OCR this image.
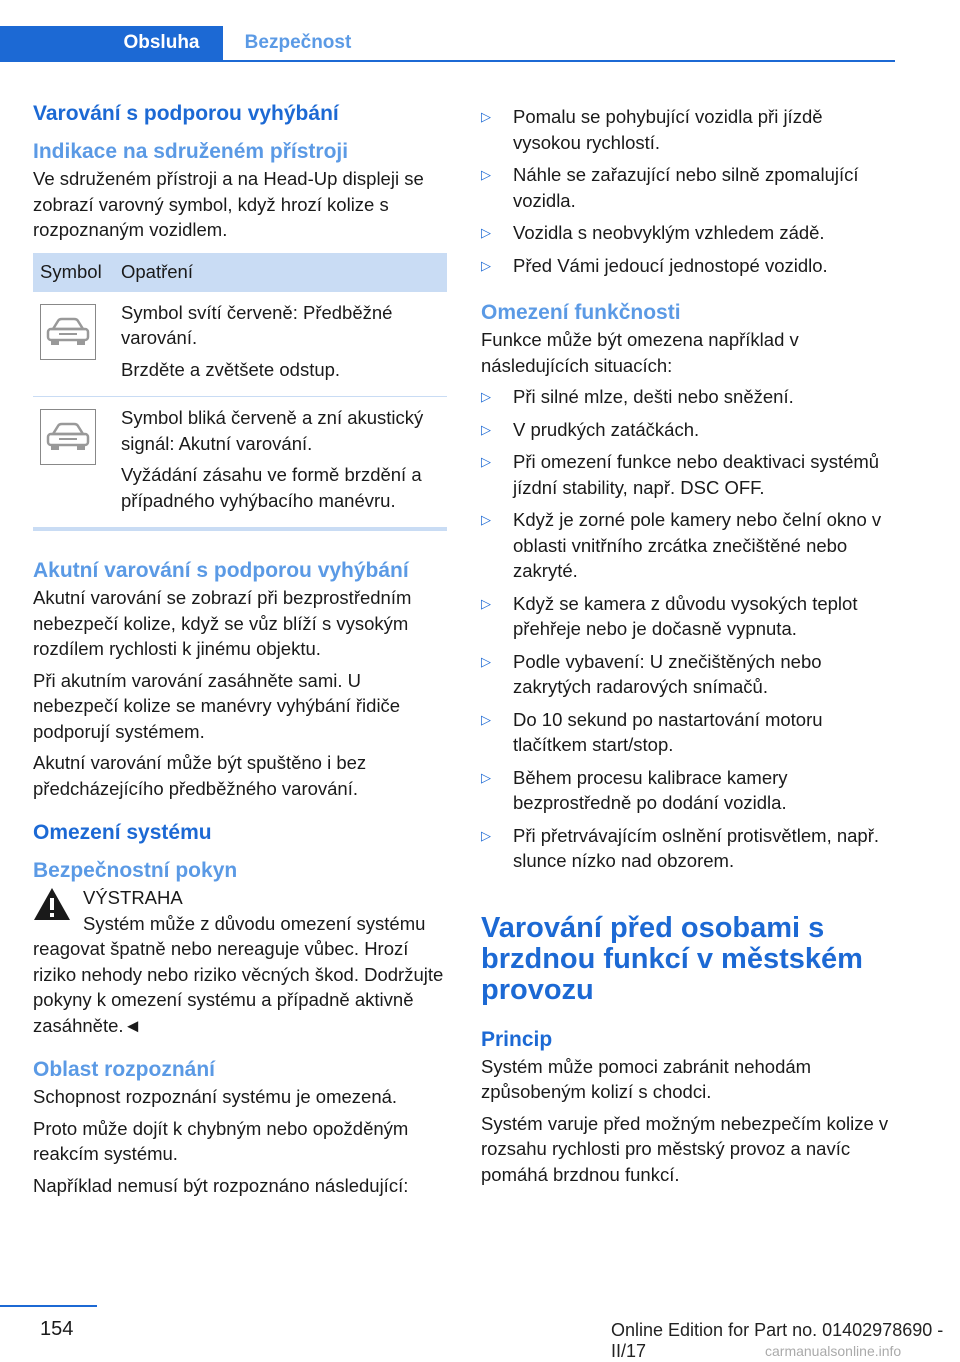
Obsluha	Bezpečnost
Varování s podporou vyhýbání
Indikace na sdruženém přístroji
Ve sdruženém přístroji a na Head-Up displeji se zobrazí varovný symbol, když hrozí kolize s rozpoznaným vozidlem.
Symbol	Opatření
Symbol svítí červeně: Předběžné varování.
Brzděte a zvětšete odstup.
Symbol bliká červeně a zní akustický signál: Akutní varování.
Vyžádání zásahu ve formě brzdění a případného vyhýbacího manévru.
Akutní varování s podporou vyhýbání
Akutní varování se zobrazí při bezprostředním nebezpečí kolize, když se vůz blíží s vysokým rozdílem rychlosti k jinému objektu.
Při akutním varování zasáhněte sami. U nebezpečí kolize se manévry vyhýbání řidiče podporují systémem.
Akutní varování může být spuštěno i bez předcházejícího předběžného varování.
Omezení systému
Bezpečnostní pokyn
VÝSTRAHA
Systém může z důvodu omezení systému reagovat špatně nebo nereaguje vůbec. Hrozí riziko nehody nebo riziko věcných škod. Dodržujte pokyny k omezení systému a případně aktivně zasáhněte.◄
Oblast rozpoznání
Schopnost rozpoznání systému je omezená.
Proto může dojít k chybným nebo opožděným reakcím systému.
Například nemusí být rozpoznáno následující:
▷	Pomalu se pohybující vozidla při jízdě vysokou rychlostí.
▷	Náhle se zařazující nebo silně zpomalující vozidla.
▷	Vozidla s neobvyklým vzhledem zádě.
▷	Před Vámi jedoucí jednostopé vozidlo.
Omezení funkčnosti
Funkce může být omezena například v následujících situacích:
▷	Při silné mlze, dešti nebo sněžení.
▷	V prudkých zatáčkách.
▷	Při omezení funkce nebo deaktivaci systémů jízdní stability, např. DSC OFF.
▷	Když je zorné pole kamery nebo čelní okno v oblasti vnitřního zrcátka znečištěné nebo zakryté.
▷	Když se kamera z důvodu vysokých teplot přehřeje nebo je dočasně vypnuta.
▷	Podle vybavení: U znečištěných nebo zakrytých radarových snímačů.
▷	Do 10 sekund po nastartování motoru tlačítkem start/stop.
▷	Během procesu kalibrace kamery bezprostředně po dodání vozidla.
▷	Při přetrvávajícím oslnění protisvětlem, např. slunce nízko nad obzorem.
Varování před osobami s brzdnou funkcí v městském provozu
Princip
Systém může pomoci zabránit nehodám způsobeným kolizí s chodci.
Systém varuje před možným nebezpečím kolize v rozsahu rychlosti pro městský provoz a navíc pomáhá brzdnou funkcí.
154	Online Edition for Part no. 01402978690 - II/17	carmanualsonline.info
